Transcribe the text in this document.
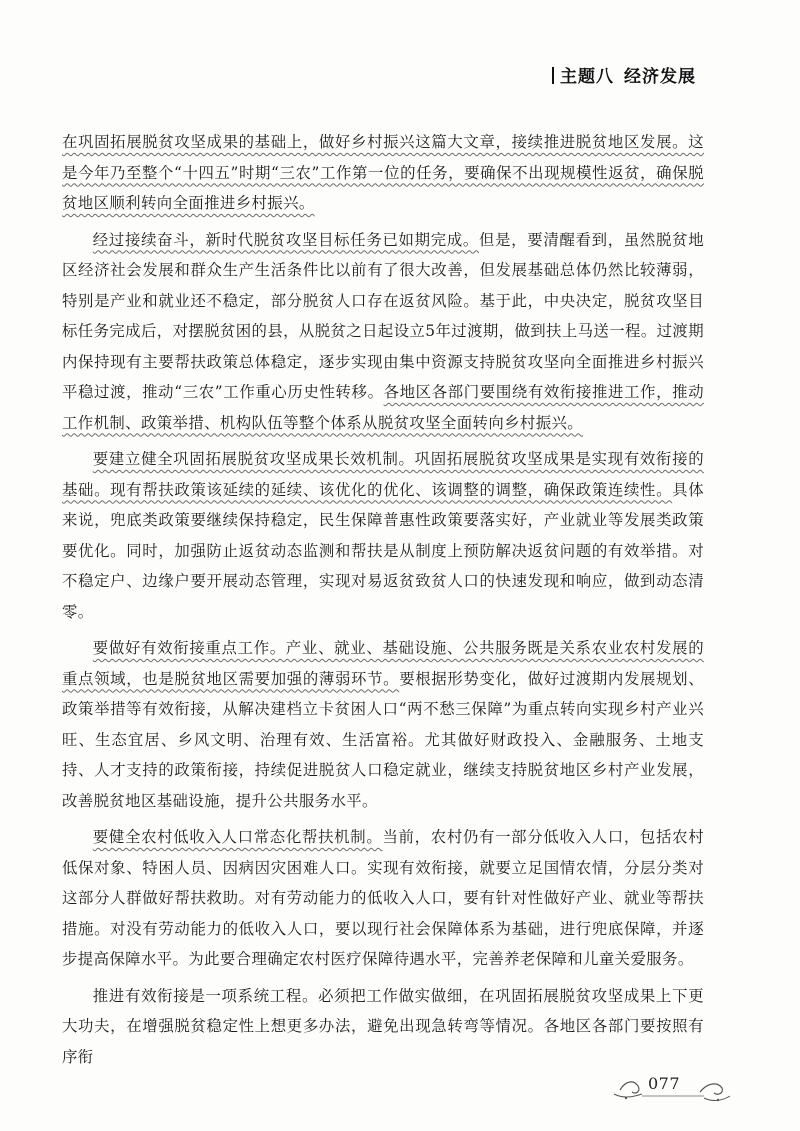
主题八 经济发展

在巩固拓展脱贫攻坚成果的基础上，做好乡村振兴这篇大文章，接续推进脱贫地区发展。这是今年乃至整个“十四五”时期“三农”工作第一位的任务，要确保不出现规模性返贫，确保脱贫地区顺利转向全面推进乡村振兴。

经过接续奋斗，新时代脱贫攻坚目标任务已如期完成。但是，要清醒看到，虽然脱贫地区经济社会发展和群众生产生活条件比以前有了很大改善，但发展基础总体仍然比较薄弱，特别是产业和就业还不稳定，部分脱贫人口存在返贫风险。基于此，中央决定，脱贫攻坚目标任务完成后，对摆脱贫困的县，从脱贫之日起设立5年过渡期，做到扶上马送一程。过渡期内保持现有主要帮扶政策总体稳定，逐步实现由集中资源支持脱贫攻坚向全面推进乡村振兴平稳过渡，推动“三农”工作重心历史性转移。各地区各部门要围绕有效衔接推进工作，推动工作机制、政策举措、机构队伍等整个体系从脱贫攻坚全面转向乡村振兴。

要建立健全巩固拓展脱贫攻坚成果长效机制。巩固拓展脱贫攻坚成果是实现有效衔接的基础。现有帮扶政策该延续的延续、该优化的优化、该调整的调整，确保政策连续性。具体来说，兜底类政策要继续保持稳定，民生保障普惠性政策要落实好，产业就业等发展类政策要优化。同时，加强防止返贫动态监测和帮扶是从制度上预防解决返贫问题的有效举措。对不稳定户、边缘户要开展动态管理，实现对易返贫致贫人口的快速发现和响应，做到动态清零。

要做好有效衔接重点工作。产业、就业、基础设施、公共服务既是关系农业农村发展的重点领域，也是脱贫地区需要加强的薄弱环节。要根据形势变化，做好过渡期内发展规划、政策举措等有效衔接，从解决建档立卡贫困人口“两不愁三保障”为重点转向实现乡村产业兴旺、生态宜居、乡风文明、治理有效、生活富裕。尤其做好财政投入、金融服务、土地支持、人才支持的政策衔接，持续促进脱贫人口稳定就业，继续支持脱贫地区乡村产业发展，改善脱贫地区基础设施，提升公共服务水平。

要健全农村低收入人口常态化帮扶机制。当前，农村仍有一部分低收入人口，包括农村低保对象、特困人员、因病因灾困难人口。实现有效衔接，就要立足国情农情，分层分类对这部分人群做好帮扶救助。对有劳动能力的低收入人口，要有针对性做好产业、就业等帮扶措施。对没有劳动能力的低收入人口，要以现行社会保障体系为基础，进行兜底保障，并逐步提高保障水平。为此要合理确定农村医疗保障待遇水平，完善养老保障和儿童关爱服务。

推进有效衔接是一项系统工程。必须把工作做实做细，在巩固拓展脱贫攻坚成果上下更大功夫，在增强脱贫稳定性上想更多办法，避免出现急转弯等情况。各地区各部门要按照有序衔

077
